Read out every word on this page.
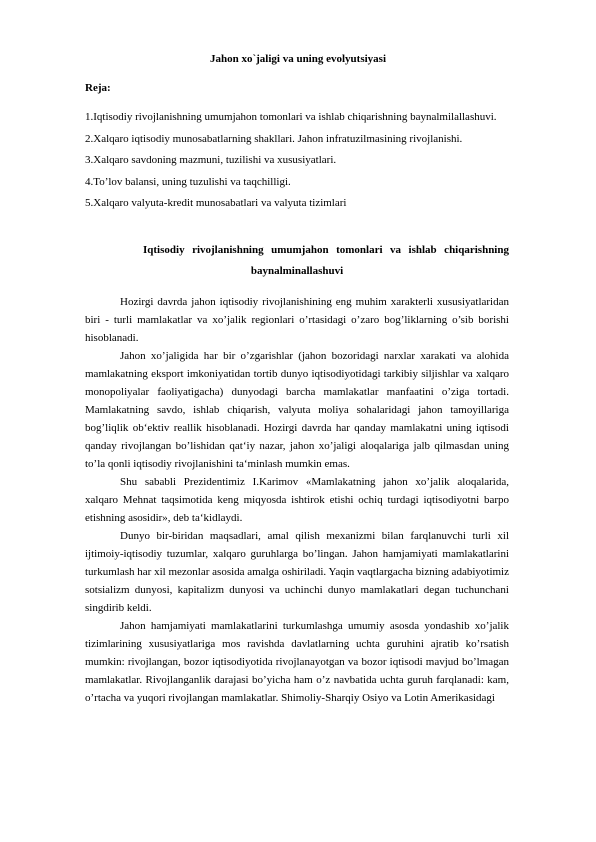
Jahon xo`jaligi va uning evolyutsiyasi
Reja:
1.Iqtisodiy rivojlanishning umumjahon tomonlari va ishlab chiqarishning baynalmilallashuvi.
2.Xalqaro iqtisodiy munosabatlarning shakllari. Jahon infratuzilmasining rivojlanishi.
3.Xalqaro savdoning mazmuni, tuzilishi va xususiyatlari.
4.To’lov balansi, uning tuzulishi va taqchilligi.
5.Xalqaro valyuta-kredit munosabatlari va valyuta tizimlari
Iqtisodiy rivojlanishning umumjahon tomonlari va ishlab chiqarishning
baynalminallashuvi

Hozirgi davrda jahon iqtisodiy rivojlanishining eng muhim xarakterli xususiyatlaridan biri - turli mamlakatlar va xo’jalik regionlari o’rtasidagi o’zaro bog’liklarning o’sib borishi hisoblanadi.

Jahon xo’jaligida har bir o’zgarishlar (jahon bozoridagi narxlar xarakati va alohida mamlakatning eksport imkoniyatidan tortib dunyo iqtisodiyotidagi tarkibiy siljishlar va xalqaro monopoliyalar faoliyatigacha) dunyodagi barcha mamlakatlar manfaatini o’ziga tortadi. Mamlakatning savdo, ishlab chiqarish, valyuta moliya sohalaridagi jahon tamoyillariga bog’liqlik ob‘ektiv reallik hisoblanadi. Hozirgi davrda har qanday mamlakatni uning iqtisodi qanday rivojlangan bo’lishidan qat‘iy nazar, jahon xo’jaligi aloqalariga jalb qilmasdan uning to’la qonli iqtisodiy rivojlanishini ta‘minlash mumkin emas.

Shu sababli Prezidentimiz I.Karimov «Mamlakatning jahon xo’jalik aloqalarida, xalqaro Mehnat taqsimotida keng miqyosda ishtirok etishi ochiq turdagi iqtisodiyotni barpo etishning asosidir», deb ta‘kidlaydi.

Dunyo bir-biridan maqsadlari, amal qilish mexanizmi bilan farqlanuvchi turli xil ijtimoiy-iqtisodiy tuzumlar, xalqaro guruhlarga bo’lingan. Jahon hamjamiyati mamlakatlarini turkumlash har xil mezonlar asosida amalga oshiriladi. Yaqin vaqtlargacha bizning adabiyotimiz sotsializm dunyosi, kapitalizm dunyosi va uchinchi dunyo mamlakatlari degan tuchunchani singdirib keldi.

Jahon hamjamiyati mamlakatlarini turkumlashga umumiy asosda yondashib xo’jalik tizimlarining xususiyatlariga mos ravishda davlatlarning uchta guruhini ajratib ko’rsatish mumkin: rivojlangan, bozor iqtisodiyotida rivojlanayotgan va bozor iqtisodi mavjud bo’lmagan mamlakatlar. Rivojlanganlik darajasi bo’yicha ham o’z navbatida uchta guruh farqlanadi: kam, o’rtacha va yuqori rivojlangan mamlakatlar. Shimoliy-Sharqiy Osiyo va Lotin Amerikasidagi
